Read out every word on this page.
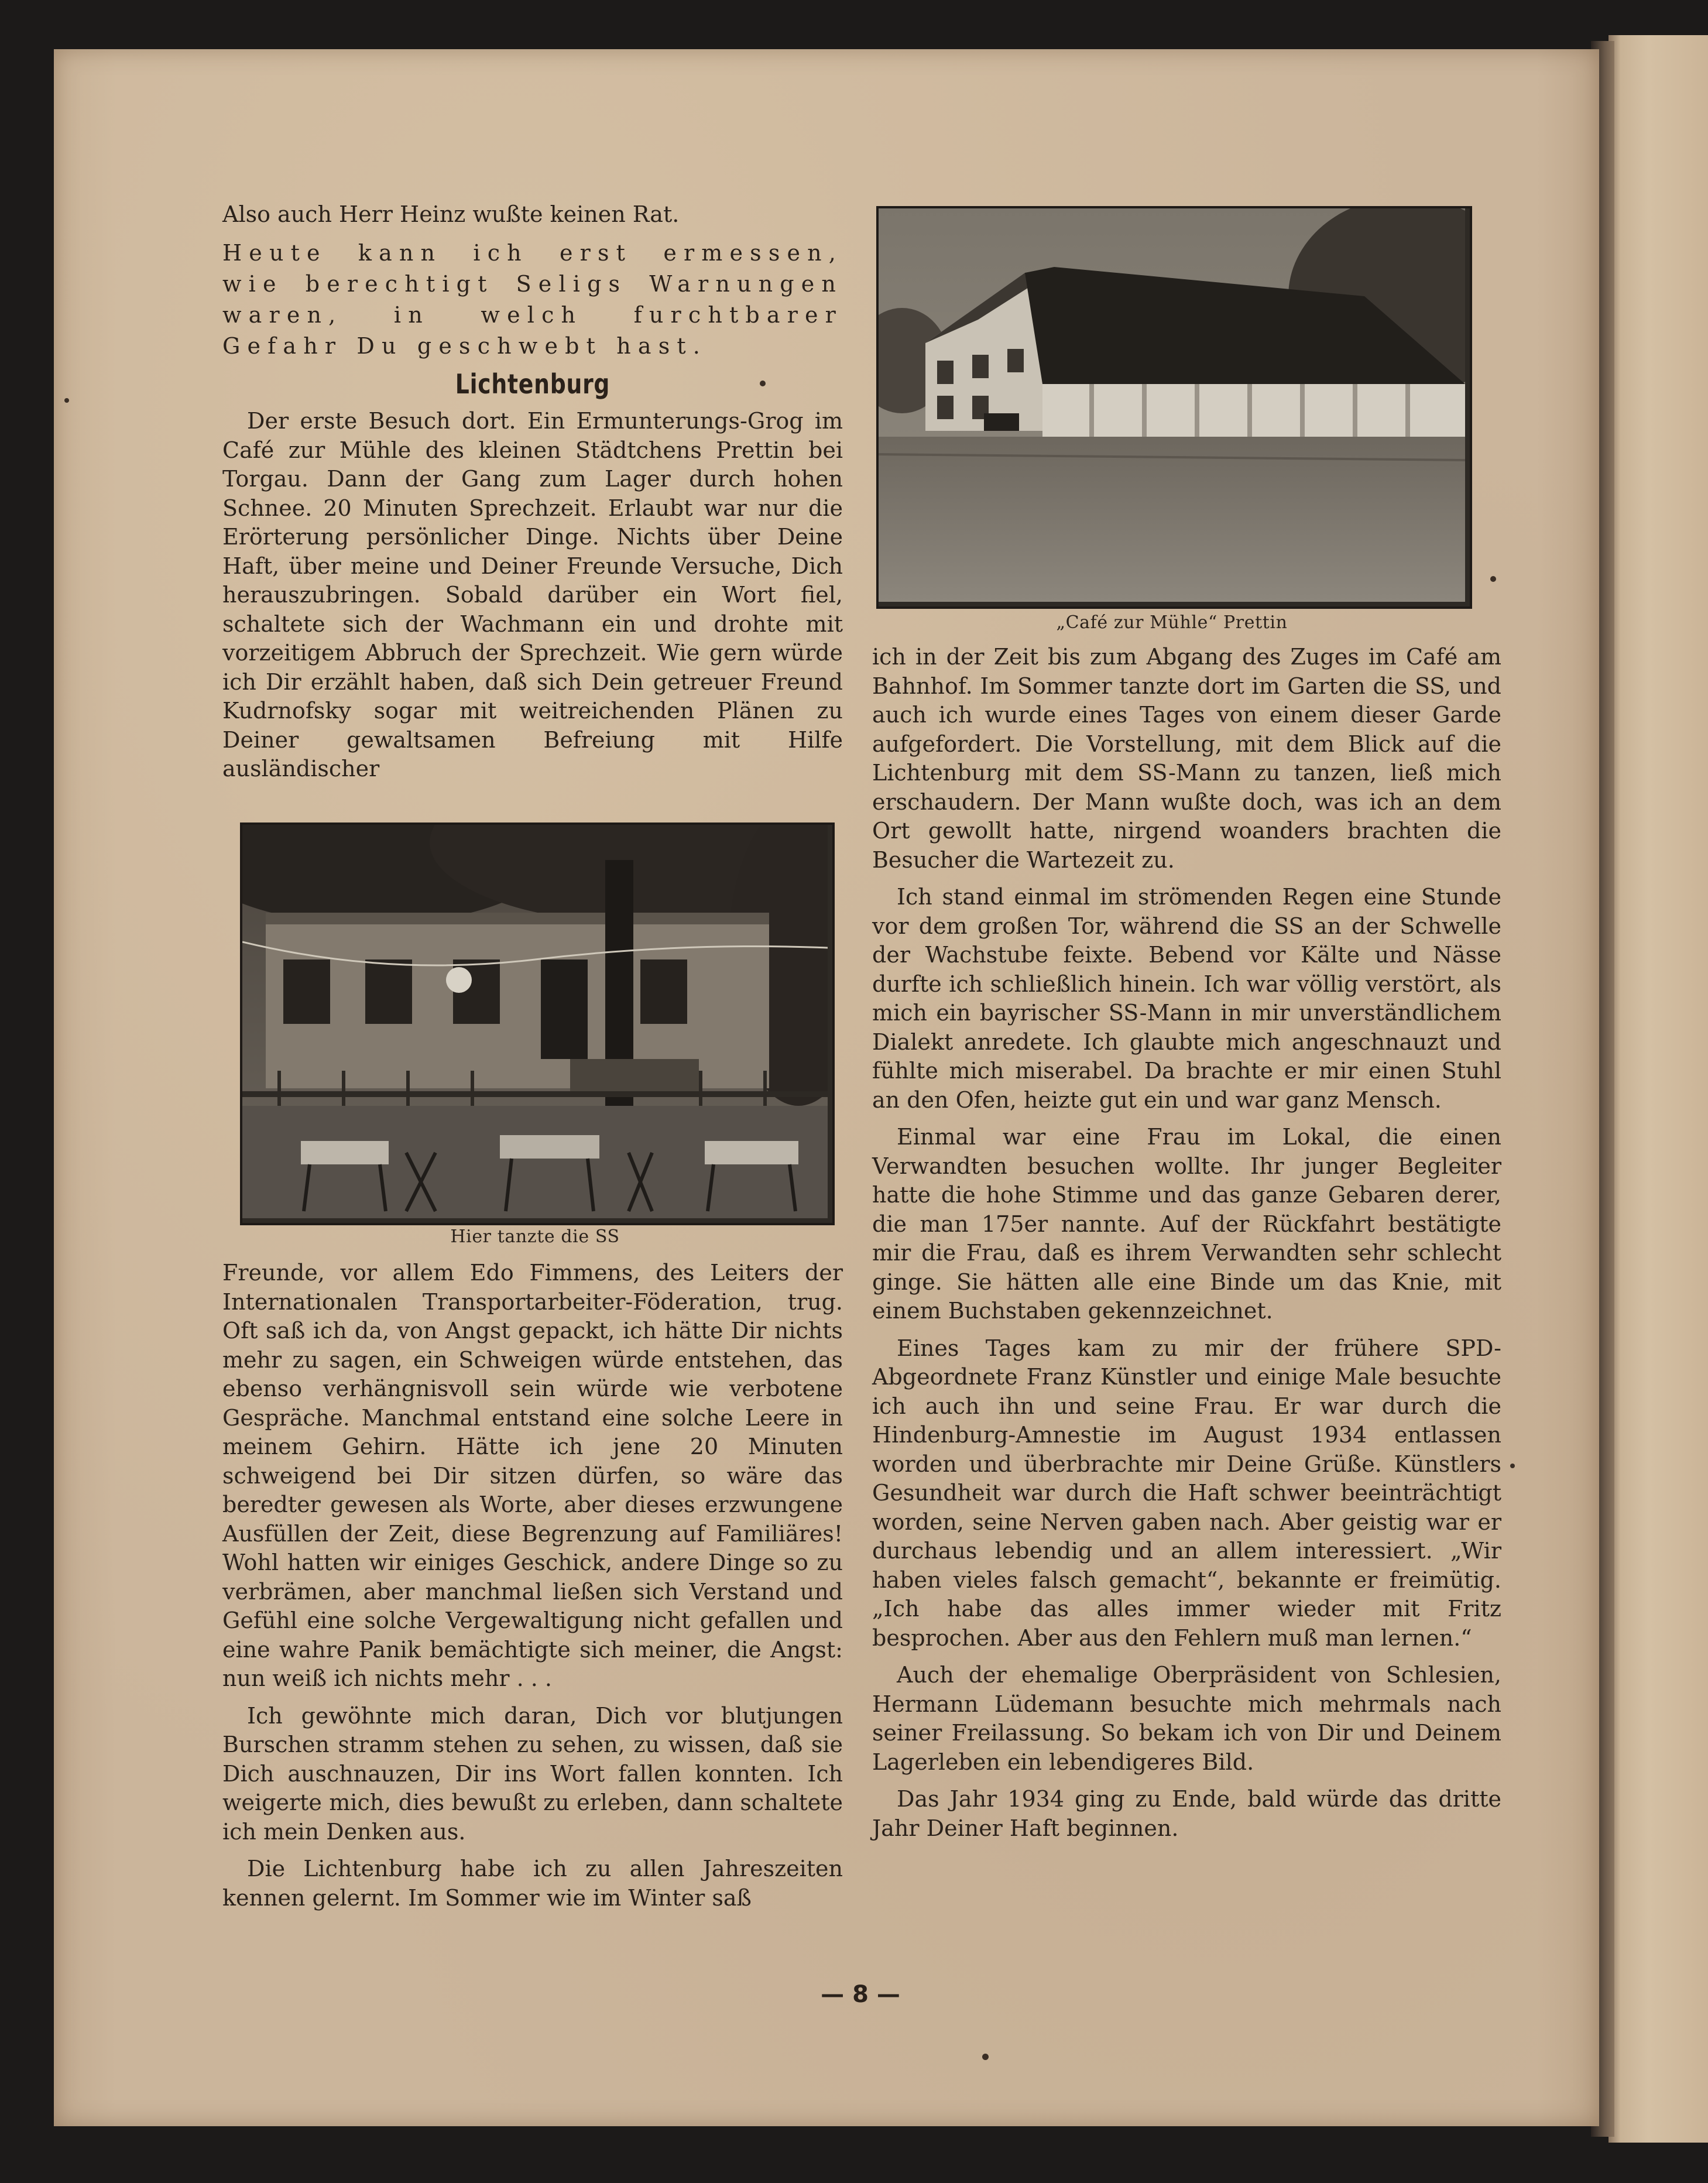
Also auch Herr Heinz wußte keinen Rat.

Heute kann ich erst ermessen, wie berechtigt Seligs Warnungen waren, in welch furchtbarer Gefahr Du geschwebt hast.

Lichtenburg

Der erste Besuch dort. Ein Ermunterungs-Grog im Café zur Mühle des kleinen Städtchens Prettin bei Torgau. Dann der Gang zum Lager durch hohen Schnee. 20 Minuten Sprechzeit. Erlaubt war nur die Erörterung persönlicher Dinge. Nichts über Deine Haft, über meine und Deiner Freunde Versuche, Dich herauszubringen. Sobald darüber ein Wort fiel, schaltete sich der Wachmann ein und drohte mit vorzeitigem Abbruch der Sprechzeit. Wie gern würde ich Dir erzählt haben, daß sich Dein getreuer Freund Kudrnofsky sogar mit weitreichenden Plänen zu Deiner gewaltsamen Befreiung mit Hilfe ausländischer

Hier tanzte die SS

Freunde, vor allem Edo Fimmens, des Leiters der Internationalen Transportarbeiter-Föderation, trug. Oft saß ich da, von Angst gepackt, ich hätte Dir nichts mehr zu sagen, ein Schweigen würde entstehen, das ebenso verhängnisvoll sein würde wie verbotene Gespräche. Manchmal entstand eine solche Leere in meinem Gehirn. Hätte ich jene 20 Minuten schweigend bei Dir sitzen dürfen, so wäre das beredter gewesen als Worte, aber dieses erzwungene Ausfüllen der Zeit, diese Begrenzung auf Familiäres! Wohl hatten wir einiges Geschick, andere Dinge so zu verbrämen, aber manchmal ließen sich Verstand und Gefühl eine solche Vergewaltigung nicht gefallen und eine wahre Panik bemächtigte sich meiner, die Angst: nun weiß ich nichts mehr . . .

Ich gewöhnte mich daran, Dich vor blutjungen Burschen stramm stehen zu sehen, zu wissen, daß sie Dich auschnauzen, Dir ins Wort fallen konnten. Ich weigerte mich, dies bewußt zu erleben, dann schaltete ich mein Denken aus.

Die Lichtenburg habe ich zu allen Jahreszeiten kennen gelernt. Im Sommer wie im Winter saß

„Café zur Mühle“ Prettin

ich in der Zeit bis zum Abgang des Zuges im Café am Bahnhof. Im Sommer tanzte dort im Garten die SS, und auch ich wurde eines Tages von einem dieser Garde aufgefordert. Die Vorstellung, mit dem Blick auf die Lichtenburg mit dem SS-Mann zu tanzen, ließ mich erschaudern. Der Mann wußte doch, was ich an dem Ort gewollt hatte, nirgend woanders brachten die Besucher die Wartezeit zu.

Ich stand einmal im strömenden Regen eine Stunde vor dem großen Tor, während die SS an der Schwelle der Wachstube feixte. Bebend vor Kälte und Nässe durfte ich schließlich hinein. Ich war völlig verstört, als mich ein bayrischer SS-Mann in mir unverständlichem Dialekt anredete. Ich glaubte mich angeschnauzt und fühlte mich miserabel. Da brachte er mir einen Stuhl an den Ofen, heizte gut ein und war ganz Mensch.

Einmal war eine Frau im Lokal, die einen Verwandten besuchen wollte. Ihr junger Begleiter hatte die hohe Stimme und das ganze Gebaren derer, die man 175er nannte. Auf der Rückfahrt bestätigte mir die Frau, daß es ihrem Verwandten sehr schlecht ginge. Sie hätten alle eine Binde um das Knie, mit einem Buchstaben gekennzeichnet.

Eines Tages kam zu mir der frühere SPD-Abgeordnete Franz Künstler und einige Male besuchte ich auch ihn und seine Frau. Er war durch die Hindenburg-Amnestie im August 1934 entlassen worden und überbrachte mir Deine Grüße. Künstlers Gesundheit war durch die Haft schwer beeinträchtigt worden, seine Nerven gaben nach. Aber geistig war er durchaus lebendig und an allem interessiert. „Wir haben vieles falsch gemacht“, bekannte er freimütig. „Ich habe das alles immer wieder mit Fritz besprochen. Aber aus den Fehlern muß man lernen.“

Auch der ehemalige Oberpräsident von Schlesien, Hermann Lüdemann besuchte mich mehrmals nach seiner Freilassung. So bekam ich von Dir und Deinem Lagerleben ein lebendigeres Bild.

Das Jahr 1934 ging zu Ende, bald würde das dritte Jahr Deiner Haft beginnen.

— 8 —
